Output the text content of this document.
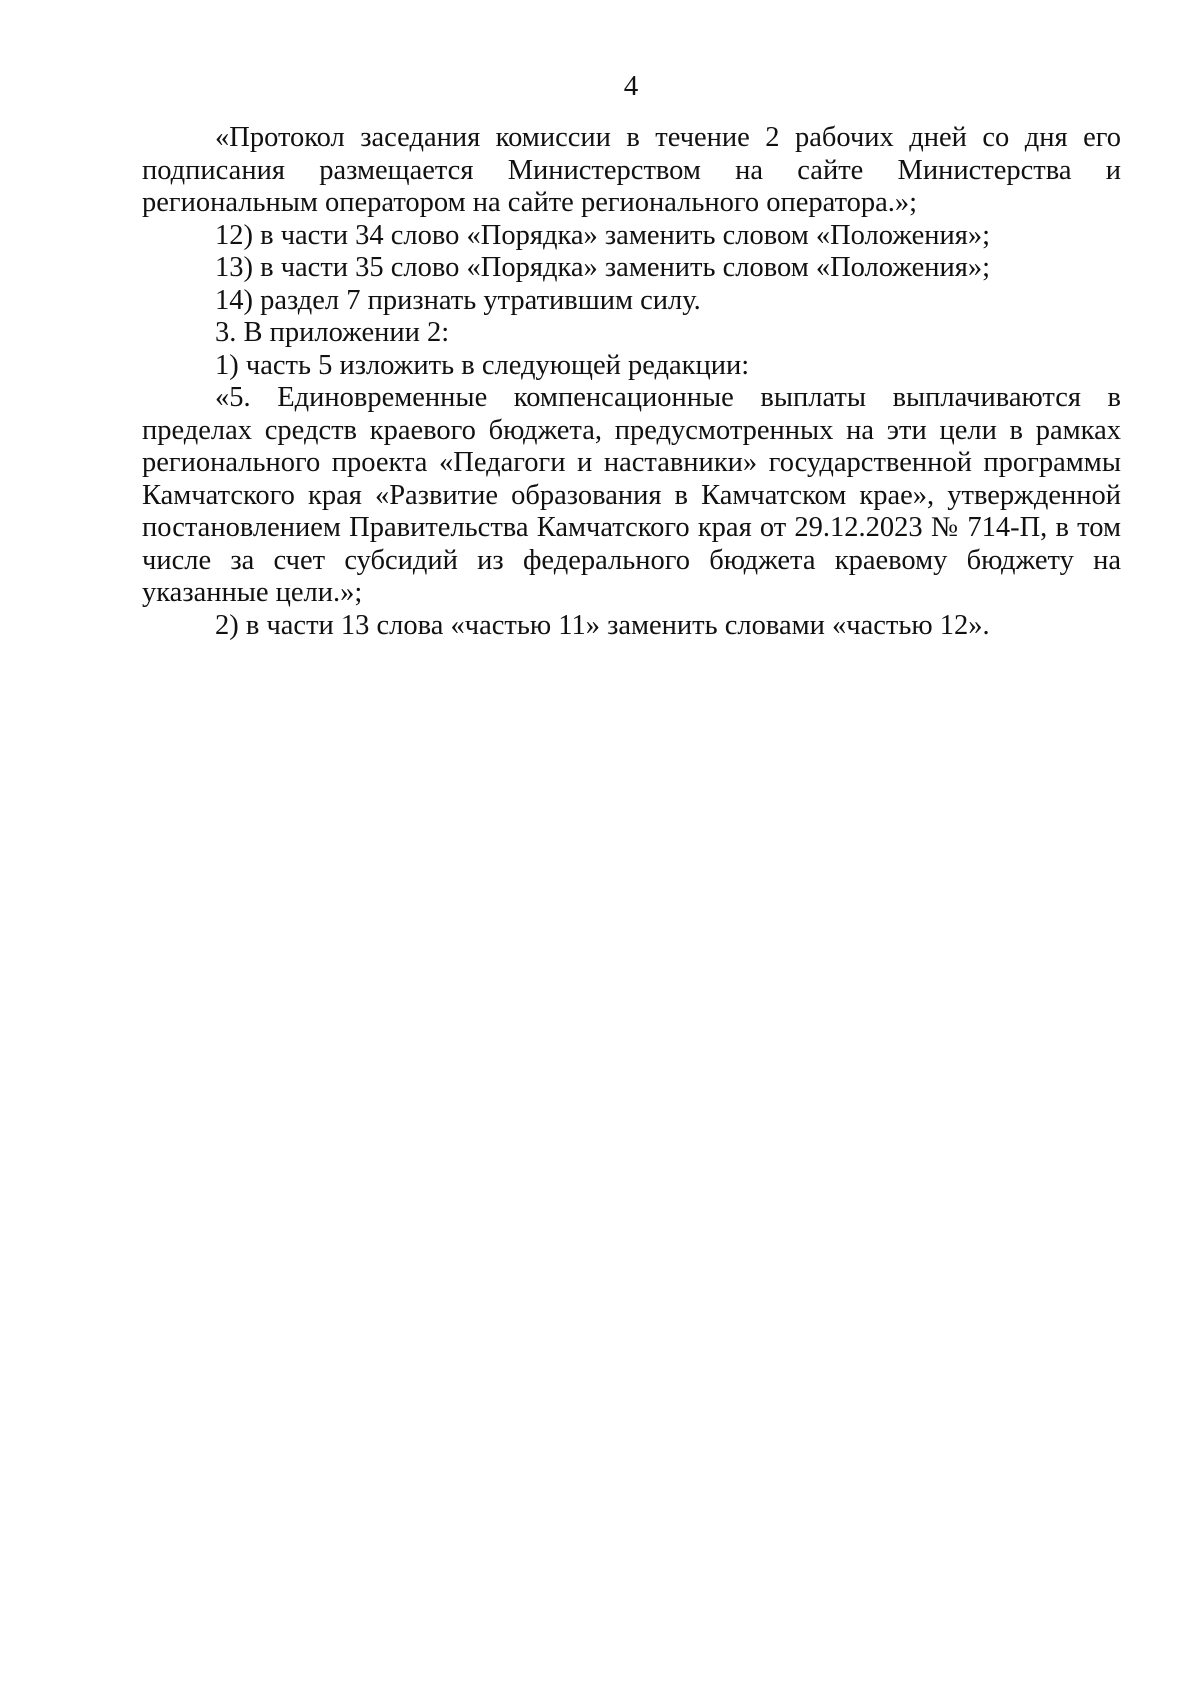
4

«Протокол заседания комиссии в течение 2 рабочих дней со дня его подписания размещается Министерством на сайте Министерства и региональным оператором на сайте регионального оператора.»;

12) в части 34 слово «Порядка» заменить словом «Положения»;

13) в части 35 слово «Порядка» заменить словом «Положения»;

14) раздел 7 признать утратившим силу.

3. В приложении 2:

1) часть 5 изложить в следующей редакции:

«5. Единовременные компенсационные выплаты выплачиваются в пределах средств краевого бюджета, предусмотренных на эти цели в рамках регионального проекта «Педагоги и наставники» государственной программы Камчатского края «Развитие образования в Камчатском крае», утвержденной постановлением Правительства Камчатского края от 29.12.2023 № 714-П, в том числе за счет субсидий из федерального бюджета краевому бюджету на указанные цели.»;

2) в части 13 слова «частью 11» заменить словами «частью 12».
